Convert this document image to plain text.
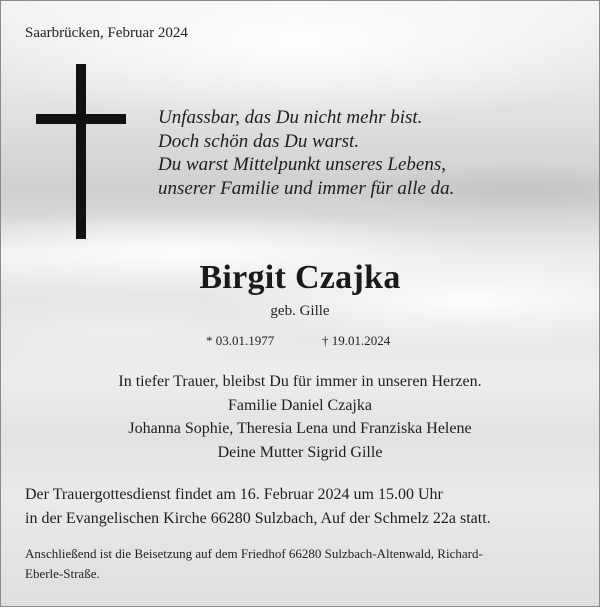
Saarbrücken, Februar 2024
Unfassbar, das Du nicht mehr bist.
Doch schön das Du warst.
Du warst Mittelpunkt unseres Lebens,
unserer Familie und immer für alle da.
Birgit Czajka
geb. Gille
* 03.01.1977	† 19.01.2024
In tiefer Trauer, bleibst Du für immer in unseren Herzen.
Familie Daniel Czajka
Johanna Sophie, Theresia Lena und Franziska Helene
Deine Mutter Sigrid Gille
Der Trauergottesdienst findet am 16. Februar 2024 um 15.00 Uhr
in der Evangelischen Kirche 66280 Sulzbach, Auf der Schmelz 22a statt.
Anschließend ist die Beisetzung auf dem Friedhof 66280 Sulzbach-Altenwald, Richard-
Eberle-Straße.
